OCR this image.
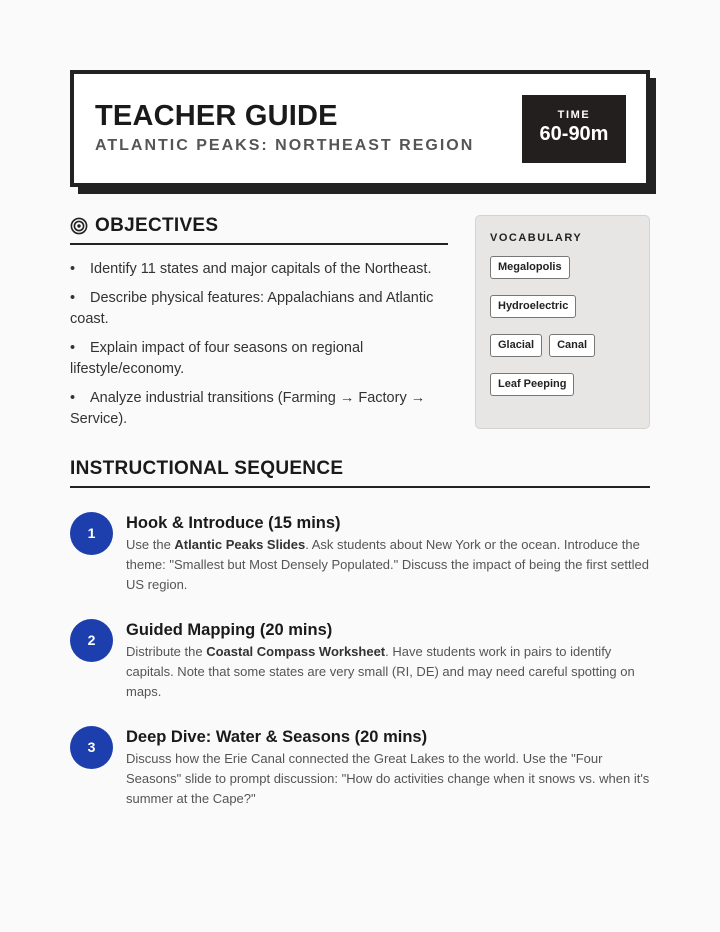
TEACHER GUIDE
ATLANTIC PEAKS: NORTHEAST REGION
TIME
60-90m
OBJECTIVES
• Identify 11 states and major capitals of the Northeast.
• Describe physical features: Appalachians and Atlantic coast.
• Explain impact of four seasons on regional lifestyle/economy.
• Analyze industrial transitions (Farming → Factory → Service).
VOCABULARY
Megalopolis
Hydroelectric
Glacial	Canal
Leaf Peeping
INSTRUCTIONAL SEQUENCE
1
Hook & Introduce (15 mins)
Use the Atlantic Peaks Slides. Ask students about New York or the ocean. Introduce the theme: "Smallest but Most Densely Populated." Discuss the impact of being the first settled US region.
2
Guided Mapping (20 mins)
Distribute the Coastal Compass Worksheet. Have students work in pairs to identify capitals. Note that some states are very small (RI, DE) and may need careful spotting on maps.
3
Deep Dive: Water & Seasons (20 mins)
Discuss how the Erie Canal connected the Great Lakes to the world. Use the "Four Seasons" slide to prompt discussion: "How do activities change when it snows vs. when it's summer at the Cape?"
